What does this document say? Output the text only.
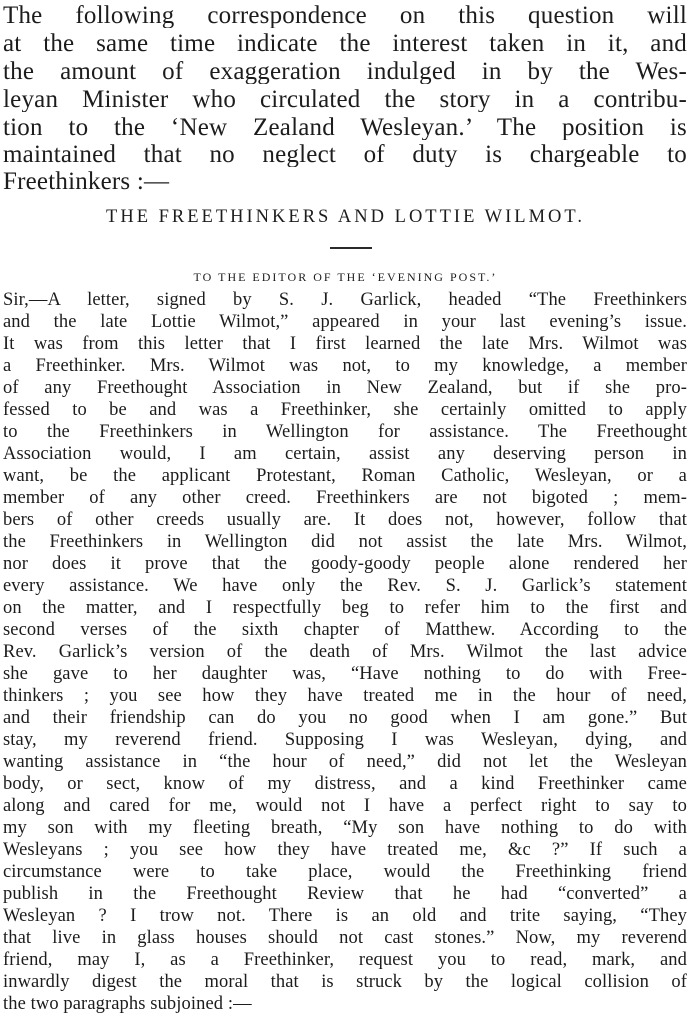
The following correspondence on this question will
at the same time indicate the interest taken in it, and
the amount of exaggeration indulged in by the Wes-
leyan Minister who circulated the story in a contribu-
tion to the ‘New Zealand Wesleyan.’ The position is
maintained that no neglect of duty is chargeable to
Freethinkers :—
THE FREETHINKERS AND LOTTIE WILMOT.
TO THE EDITOR OF THE ‘EVENING POST.’
Sir,—A letter, signed by S. J. Garlick, headed “The Freethinkers
and the late Lottie Wilmot,” appeared in your last evening’s issue.
It was from this letter that I first learned the late Mrs. Wilmot was
a Freethinker. Mrs. Wilmot was not, to my knowledge, a member
of any Freethought Association in New Zealand, but if she pro-
fessed to be and was a Freethinker, she certainly omitted to apply
to the Freethinkers in Wellington for assistance. The Freethought
Association would, I am certain, assist any deserving person in
want, be the applicant Protestant, Roman Catholic, Wesleyan, or a
member of any other creed. Freethinkers are not bigoted ; mem-
bers of other creeds usually are. It does not, however, follow that
the Freethinkers in Wellington did not assist the late Mrs. Wilmot,
nor does it prove that the goody-goody people alone rendered her
every assistance. We have only the Rev. S. J. Garlick’s statement
on the matter, and I respectfully beg to refer him to the first and
second verses of the sixth chapter of Matthew. According to the
Rev. Garlick’s version of the death of Mrs. Wilmot the last advice
she gave to her daughter was, “Have nothing to do with Free-
thinkers ; you see how they have treated me in the hour of need,
and their friendship can do you no good when I am gone.” But
stay, my reverend friend. Supposing I was Wesleyan, dying, and
wanting assistance in “the hour of need,” did not let the Wesleyan
body, or sect, know of my distress, and a kind Freethinker came
along and cared for me, would not I have a perfect right to say to
my son with my fleeting breath, “My son have nothing to do with
Wesleyans ; you see how they have treated me, &c ?” If such a
circumstance were to take place, would the Freethinking friend
publish in the Freethought Review that he had “converted” a
Wesleyan ? I trow not. There is an old and trite saying, “They
that live in glass houses should not cast stones.” Now, my reverend
friend, may I, as a Freethinker, request you to read, mark, and
inwardly digest the moral that is struck by the logical collision of
the two paragraphs subjoined :—
